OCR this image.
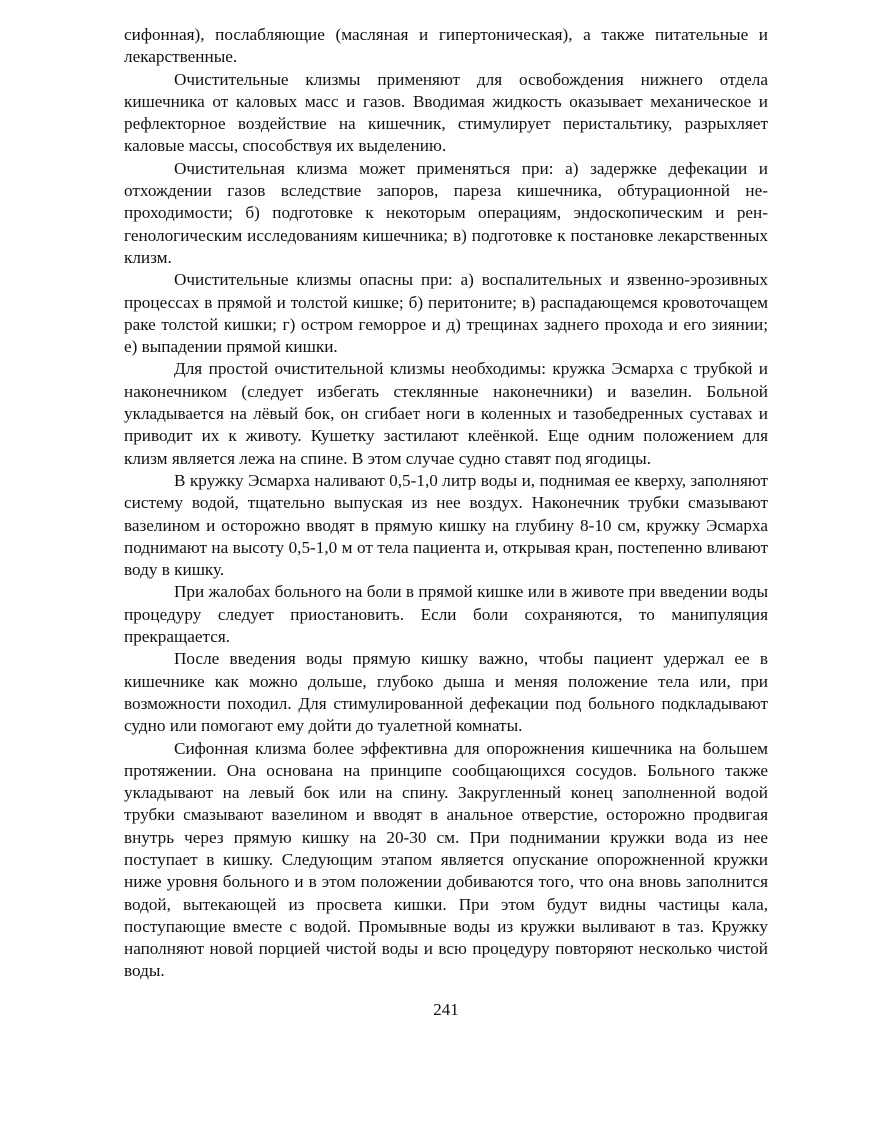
сифонная), послабляющие (масляная и гипертоническая), а также питательные и лекарственные.

Очистительные клизмы применяют для освобождения нижнего отдела кишечника от каловых масс и газов. Вводимая жидкость оказывает механическое и рефлекторное воздействие на кишечник, стимулирует перистальтику, разрыхляет каловые массы, способствуя их выделению.

Очистительная клизма может применяться при: а) задержке дефекации и отхождении газов вследствие запоров, пареза кишечника, обтурационной непроходимости; б) подготовке к некоторым операциям, эндоскопическим и ренгенологическим исследованиям кишечника; в) подготовке к постановке лекарственных клизм.

Очистительные клизмы опасны при: а) воспалительных и язвенно-эрозивных процессах в прямой и толстой кишке; б) перитоните; в) распадающемся кровоточащем раке толстой кишки; г) остром геморрое и д) трещинах заднего прохода и его зиянии; е) выпадении прямой кишки.

Для простой очистительной клизмы необходимы: кружка Эсмарха с трубкой и наконечником (следует избегать стеклянные наконечники) и вазелин. Больной укладывается на лёвый бок, он сгибает ноги в коленных и тазобедренных суставах и приводит их к животу. Кушетку застилают клеёнкой. Еще одним положением для клизм является лежа на спине. В этом случае судно ставят под ягодицы.

В кружку Эсмарха наливают 0,5-1,0 литр воды и, поднимая ее кверху, заполняют систему водой, тщательно выпуская из нее воздух. Наконечник трубки смазывают вазелином и осторожно вводят в прямую кишку на глубину 8-10 см, кружку Эсмарха поднимают на высоту 0,5-1,0 м от тела пациента и, открывая кран, постепенно вливают воду в кишку.

При жалобах больного на боли в прямой кишке или в животе при введении воды процедуру следует приостановить. Если боли сохраняются, то манипуляция прекращается.

После введения воды прямую кишку важно, чтобы пациент удержал ее в кишечнике как можно дольше, глубоко дыша и меняя положение тела или, при возможности походил. Для стимулированной дефекации под больного подкладывают судно или помогают ему дойти до туалетной комнаты.

Сифонная клизма более эффективна для опорожнения кишечника на большем протяжении. Она основана на принципе сообщающихся сосудов. Больного также укладывают на левый бок или на спину. Закругленный конец заполненной водой трубки смазывают вазелином и вводят в анальное отверстие, осторожно продвигая внутрь через прямую кишку на 20-30 см. При поднимании кружки вода из нее поступает в кишку. Следующим этапом является опускание опорожненной кружки ниже уровня больного и в этом положении добиваются того, что она вновь заполнится водой, вытекающей из просвета кишки. При этом будут видны частицы кала, поступающие вместе с водой. Промывные воды из кружки выливают в таз. Кружку наполняют новой порцией чистой воды и всю процедуру повторяют несколько чистой воды.

241
